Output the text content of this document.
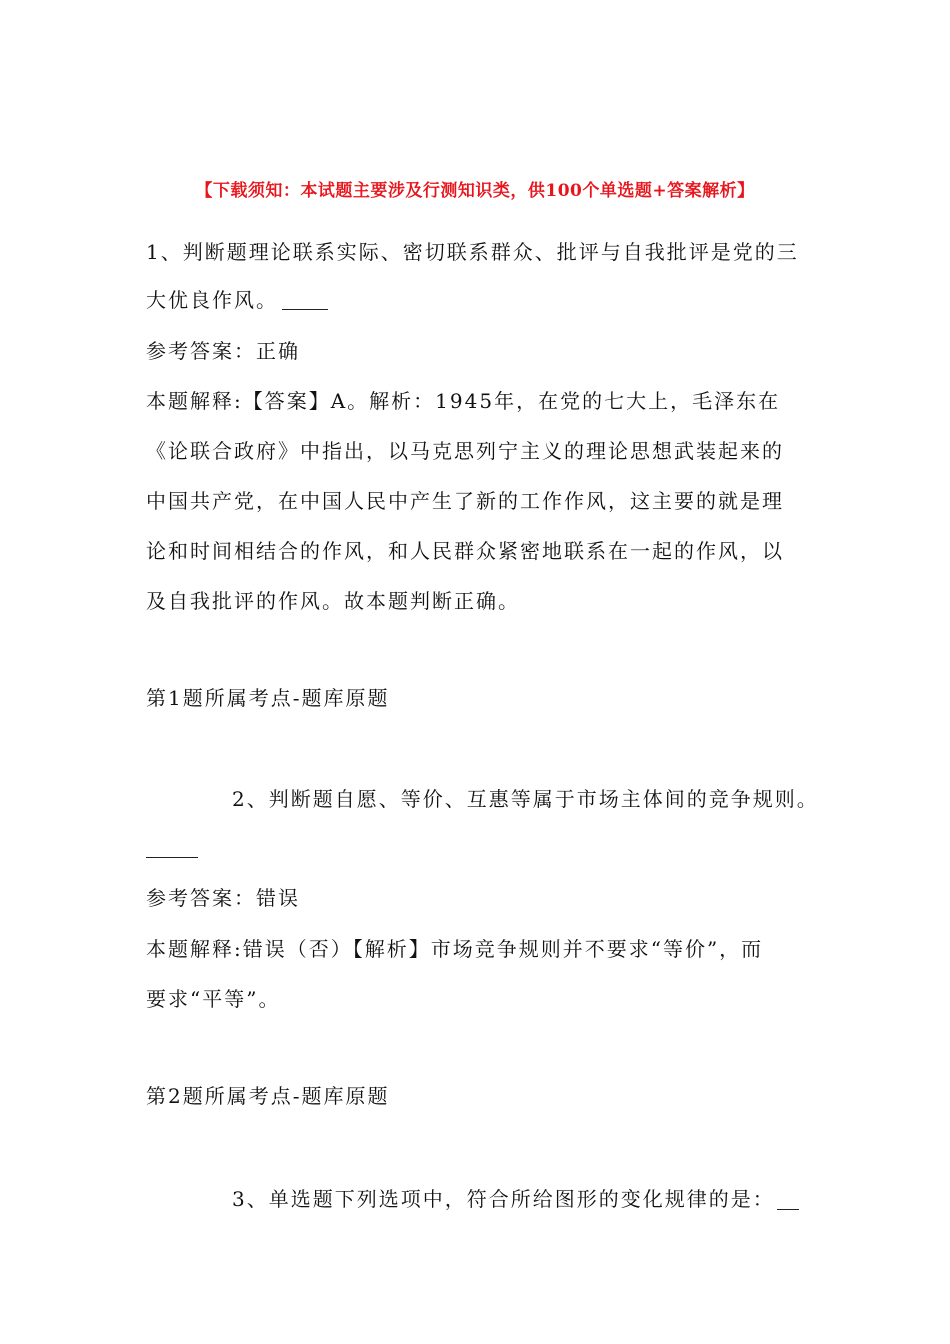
【下载须知：本试题主要涉及行测知识类，供100个单选题+答案解析】
1、判断题理论联系实际、密切联系群众、批评与自我批评是党的三
大优良作风。
参考答案：正确
本题解释:【答案】A。解析：1945年，在党的七大上，毛泽东在
《论联合政府》中指出，以马克思列宁主义的理论思想武装起来的
中国共产党，在中国人民中产生了新的工作作风，这主要的就是理
论和时间相结合的作风，和人民群众紧密地联系在一起的作风，以
及自我批评的作风。故本题判断正确。
第1题所属考点-题库原题
2、判断题自愿、等价、互惠等属于市场主体间的竞争规则。
参考答案：错误
本题解释:错误（否）【解析】市场竞争规则并不要求“等价”，而
要求“平等”。
第2题所属考点-题库原题
3、单选题下列选项中，符合所给图形的变化规律的是：
